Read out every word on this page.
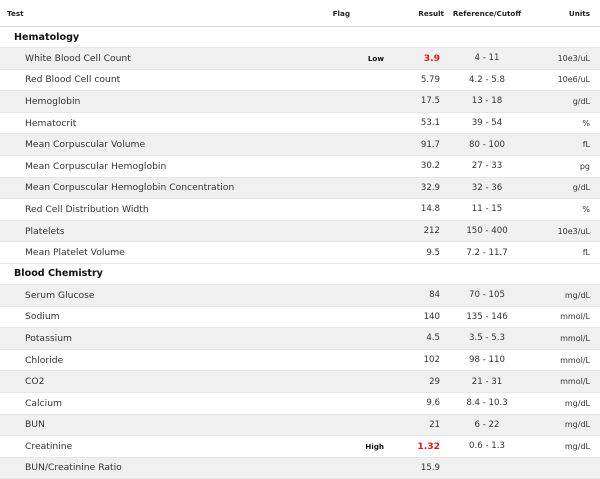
Test	Flag	Result	Reference/Cutoff	Units
Hematology				
White Blood Cell Count	Low	3.9	4 - 11	10e3/uL
Red Blood Cell count		5.79	4.2 - 5.8	10e6/uL
Hemoglobin		17.5	13 - 18	g/dL
Hematocrit		53.1	39 - 54	%
Mean Corpuscular Volume		91.7	80 - 100	fL
Mean Corpuscular Hemoglobin		30.2	27 - 33	pg
Mean Corpuscular Hemoglobin Concentration		32.9	32 - 36	g/dL
Red Cell Distribution Width		14.8	11 - 15	%
Platelets		212	150 - 400	10e3/uL
Mean Platelet Volume		9.5	7.2 - 11.7	fL
Blood Chemistry				
Serum Glucose		84	70 - 105	mg/dL
Sodium		140	135 - 146	mmol/L
Potassium		4.5	3.5 - 5.3	mmol/L
Chloride		102	98 - 110	mmol/L
CO2		29	21 - 31	mmol/L
Calcium		9.6	8.4 - 10.3	mg/dL
BUN		21	6 - 22	mg/dL
Creatinine	High	1.32	0.6 - 1.3	mg/dL
BUN/Creatinine Ratio		15.9		
